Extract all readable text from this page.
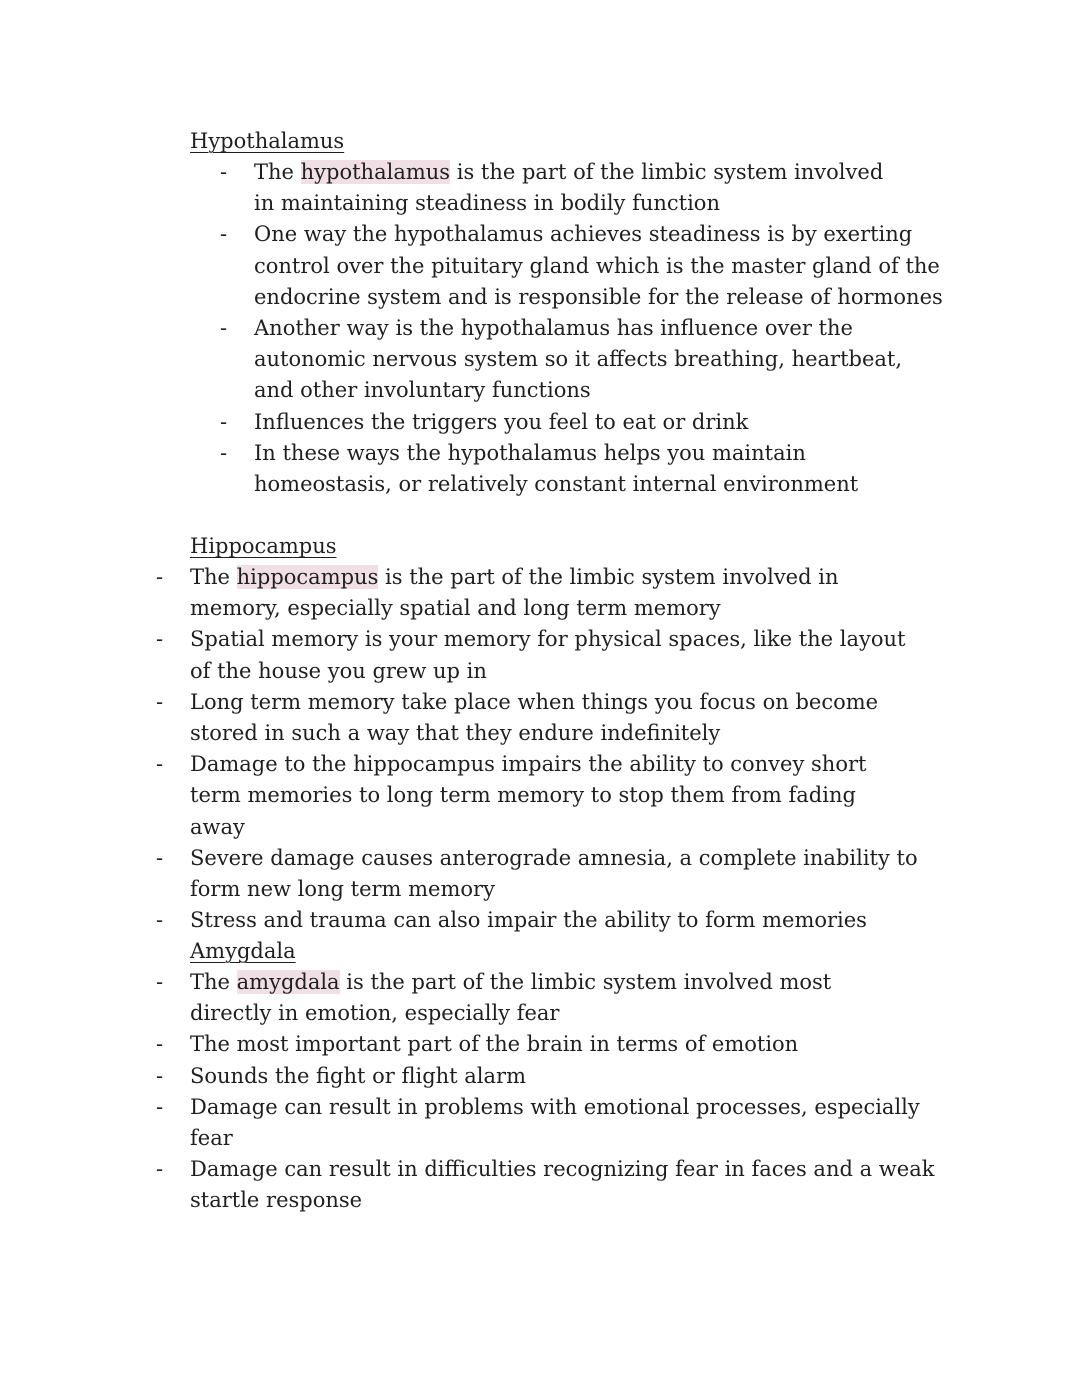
Hypothalamus
- The hypothalamus is the part of the limbic system involved in maintaining steadiness in bodily function
- One way the hypothalamus achieves steadiness is by exerting control over the pituitary gland which is the master gland of the endocrine system and is responsible for the release of hormones
- Another way is the hypothalamus has influence over the autonomic nervous system so it affects breathing, heartbeat, and other involuntary functions
- Influences the triggers you feel to eat or drink
- In these ways the hypothalamus helps you maintain homeostasis, or relatively constant internal environment
Hippocampus
- The hippocampus is the part of the limbic system involved in memory, especially spatial and long term memory
- Spatial memory is your memory for physical spaces, like the layout of the house you grew up in
- Long term memory take place when things you focus on become stored in such a way that they endure indefinitely
- Damage to the hippocampus impairs the ability to convey short term memories to long term memory to stop them from fading away
- Severe damage causes anterograde amnesia, a complete inability to form new long term memory
- Stress and trauma can also impair the ability to form memories
Amygdala
- The amygdala is the part of the limbic system involved most directly in emotion, especially fear
- The most important part of the brain in terms of emotion
- Sounds the fight or flight alarm
- Damage can result in problems with emotional processes, especially fear
- Damage can result in difficulties recognizing fear in faces and a weak startle response
